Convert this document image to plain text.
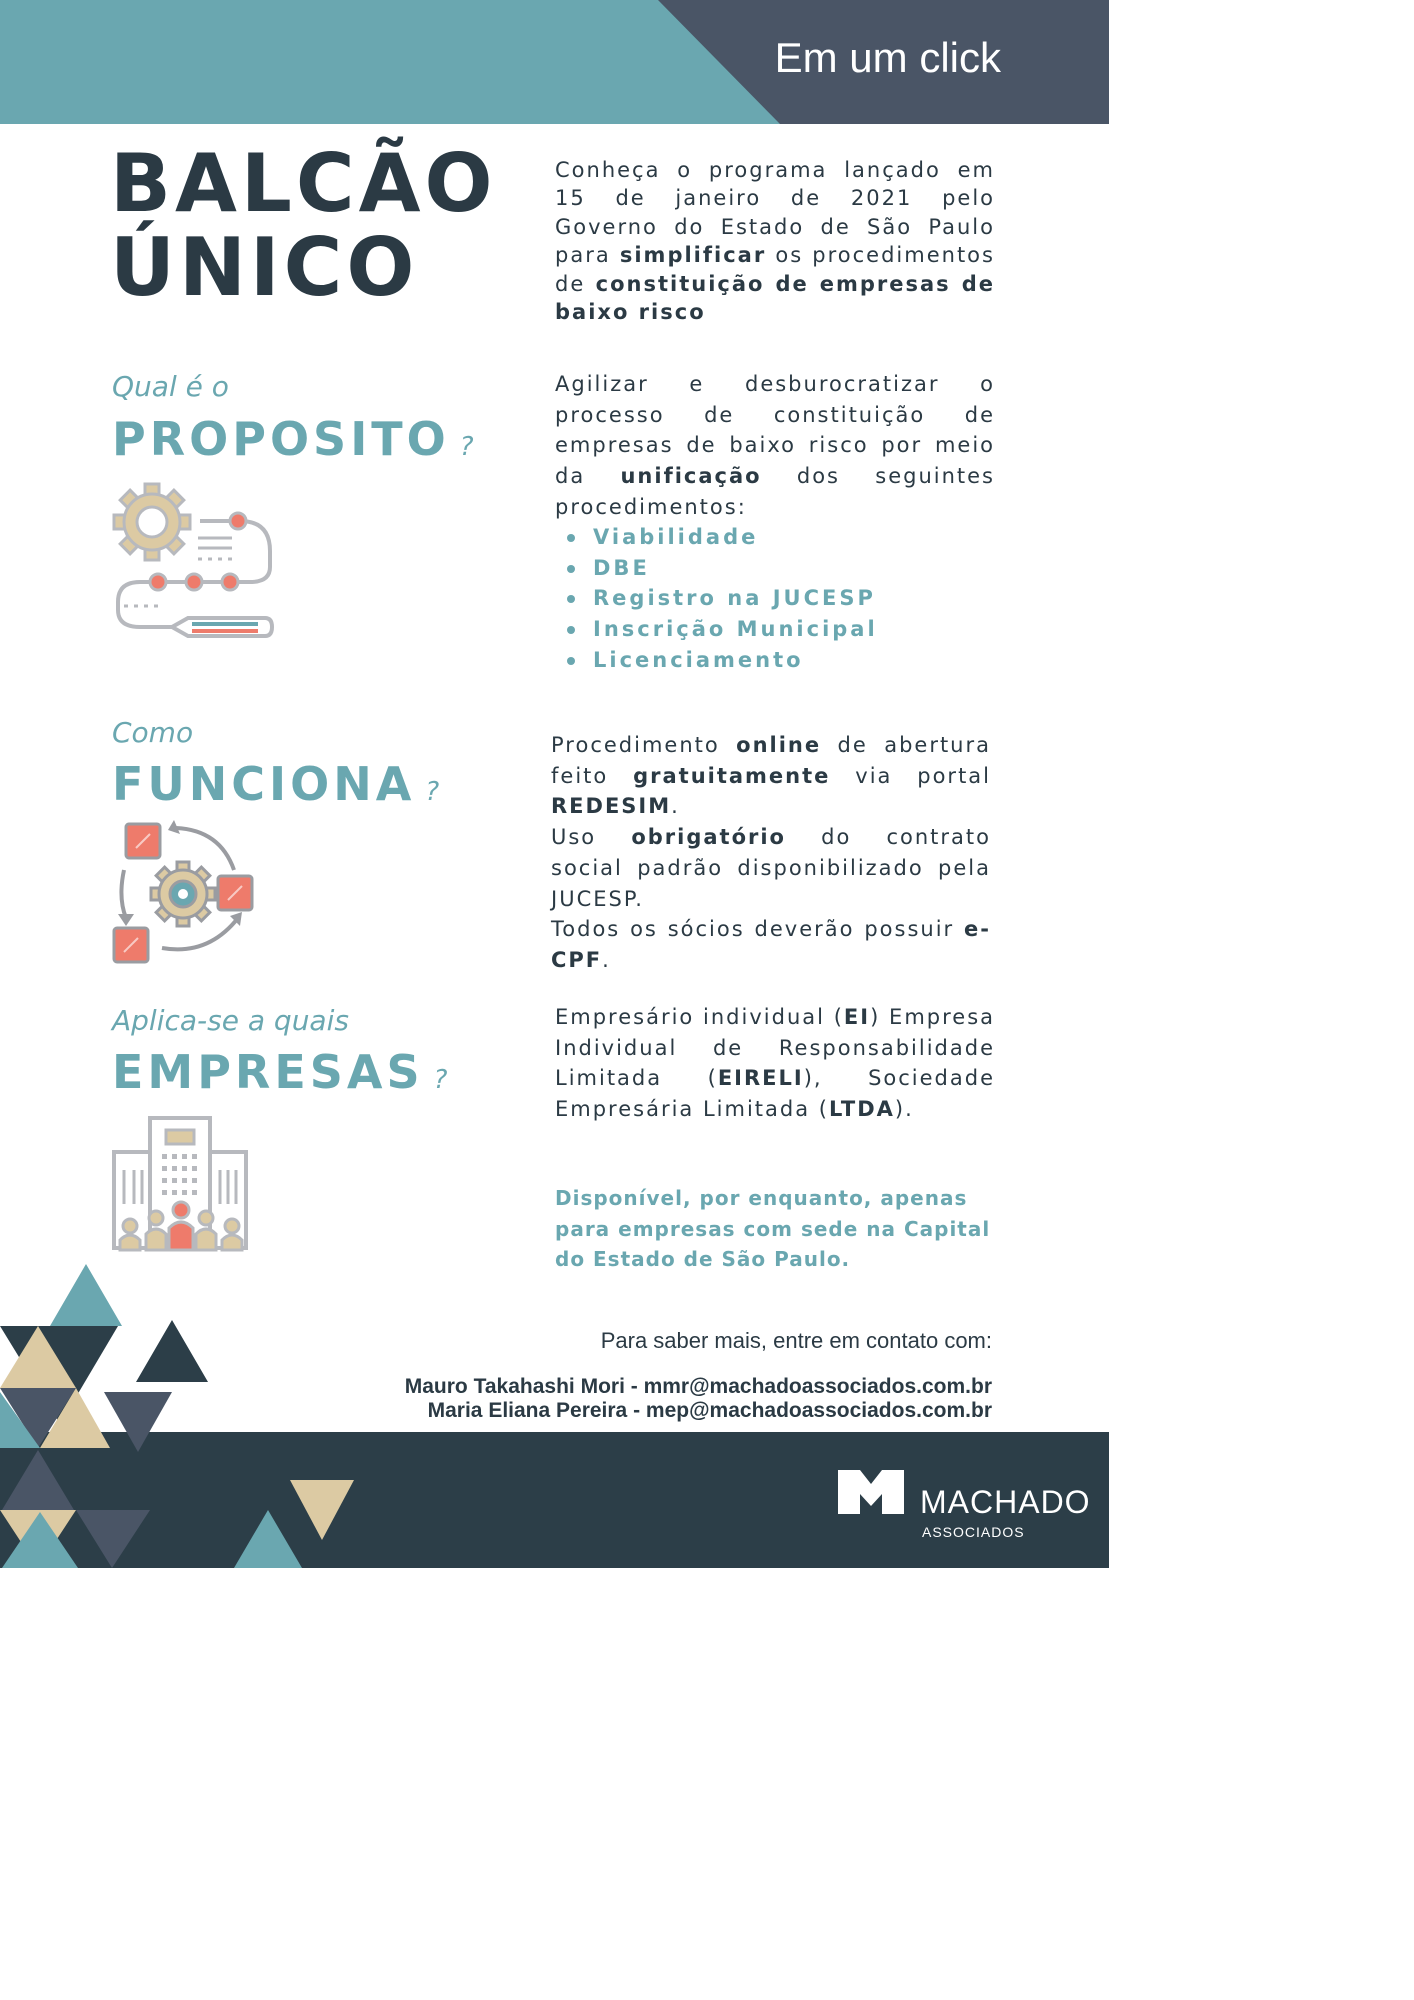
Em um click
BALCÃO
ÚNICO
Conheça o programa lançado em 15 de janeiro de 2021 pelo Governo do Estado de São Paulo para simplificar os procedimentos de constituição de empresas de baixo risco
Qual é o
PROPOSITO ?
Agilizar e desburocratizar o processo de constituição de empresas de baixo risco por meio da unificação dos seguintes procedimentos:
Viabilidade
DBE
Registro na JUCESP
Inscrição Municipal
Licenciamento
Como
FUNCIONA ?
Procedimento online de abertura feito gratuitamente via portal REDESIM.
Uso obrigatório do contrato social padrão disponibilizado pela JUCESP.
Todos os sócios deverão possuir e-CPF.
Aplica-se a quais
EMPRESAS ?
Empresário individual (EI) Empresa Individual de Responsabilidade Limitada (EIRELI), Sociedade Empresária Limitada (LTDA).
Disponível, por enquanto, apenas para empresas com sede na Capital do Estado de São Paulo.
Para saber mais, entre em contato com:
Mauro Takahashi Mori - mmr@machadoassociados.com.br
Maria Eliana Pereira - mep@machadoassociados.com.br
MACHADO
ASSOCIADOS
